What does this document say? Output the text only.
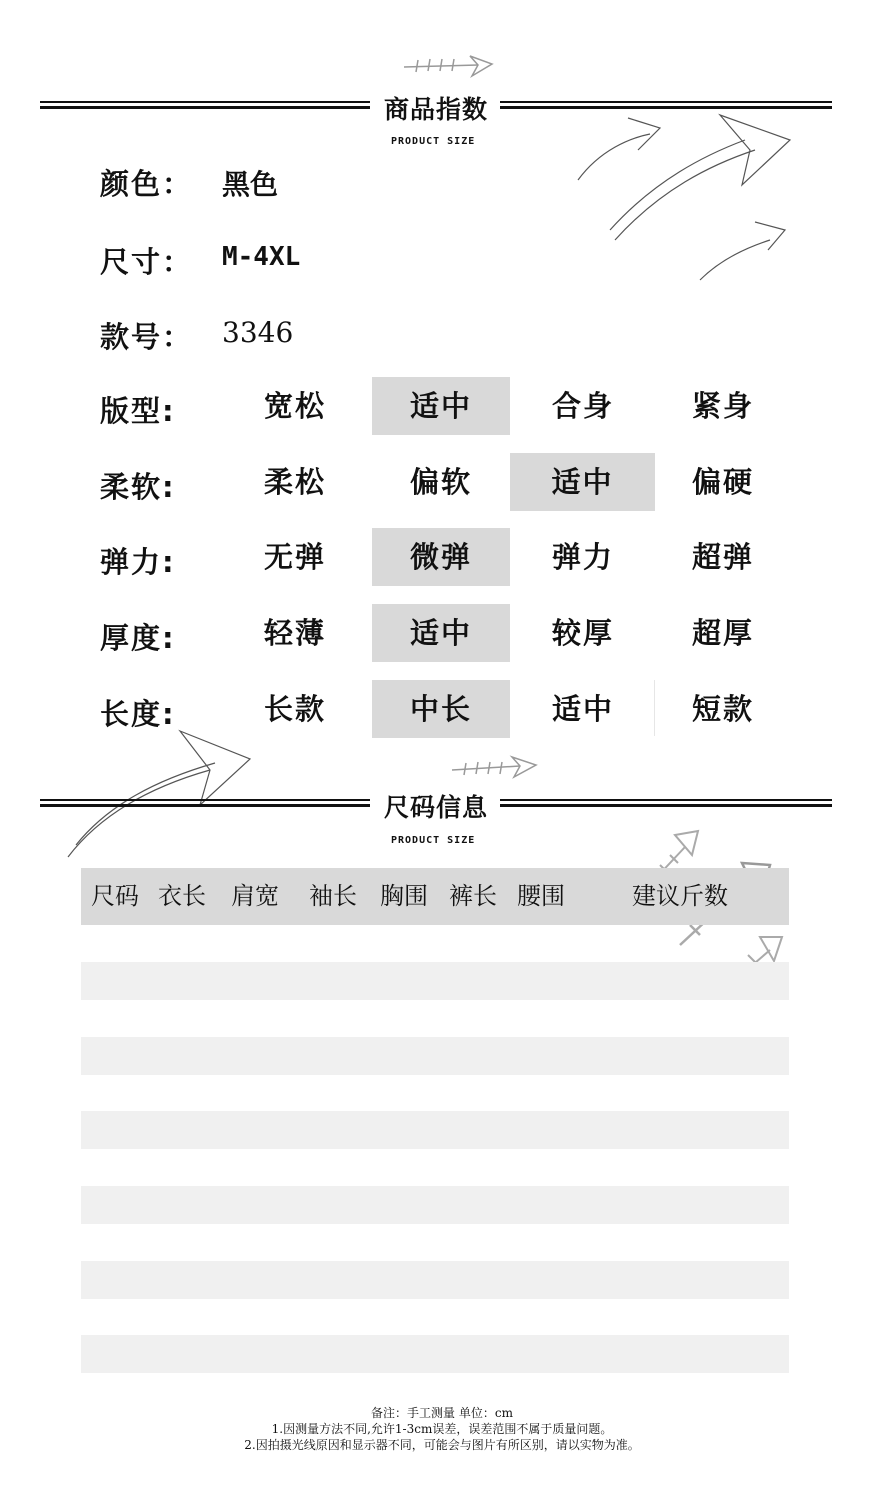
商品指数
PRODUCT SIZE
颜色： 黑色
尺寸： M-4XL
款号： 3346
版型:	宽松	适中	合身	紧身
柔软:	柔松	偏软	适中	偏硬
弹力:	无弹	微弹	弹力	超弹
厚度:	轻薄	适中	较厚	超厚
长度:	长款	中长	适中	短款
尺码信息
PRODUCT SIZE
尺码 衣长 肩宽 袖长 胸围 裤长 腰围	建议斤数
备注：手工测量 单位：cm
1.因测量方法不同,允许1-3cm误差，误差范围不属于质量问题。
2.因拍摄光线原因和显示器不同，可能会与图片有所区别，请以实物为准。
